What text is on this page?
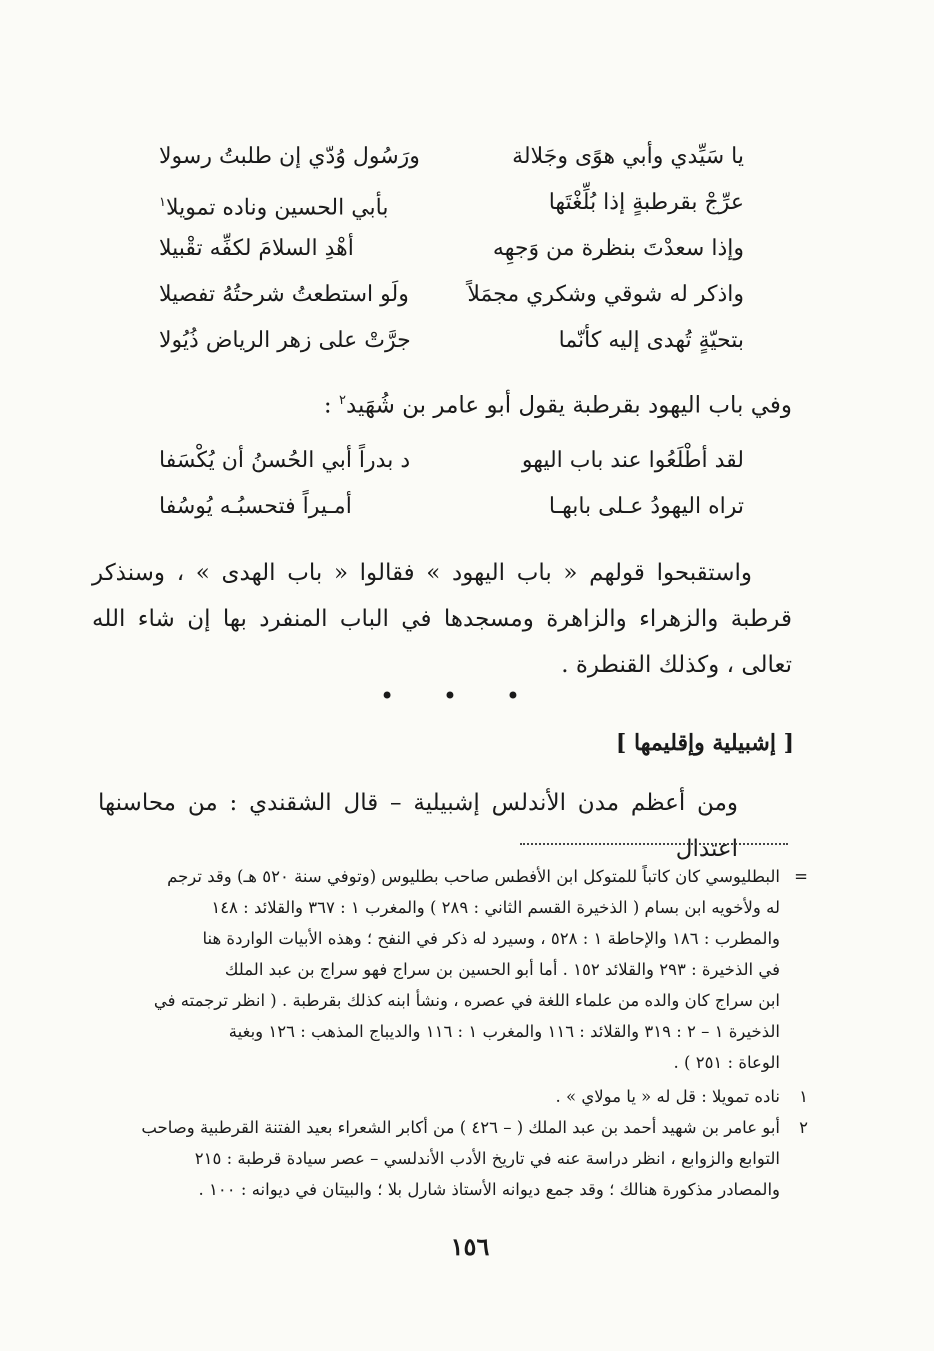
يا سَيِّدي وأبي هوًى وجَلالة
ورَسُول وُدّي إن طلبتُ رسولا
عرِّجْ بقرطبةٍ إذا بُلِّغْتَها
بأبي الحسين وناده تمويلا$^١$
وإذا سعدْتَ بنظرة من وَجهِه
أهْدِ السلامَ لكفِّه تقْبيلا
واذكر له شوقي وشكري مجمَلاً
ولَو استطعتُ شرحتُهُ تفصيلا
بتحيّةٍ تُهدى إليه كأنّما
جرَّتْ على زهر الرياض ذُيُولا
وفي باب اليهود بقرطبة يقول أبو عامر بن شُهَيد$^٢$ :
لقد أطْلَعُوا عند باب اليهو
د بدراً أبي الحُسنُ أن يُكْسَفا
تراه اليهودُ عـلى بابهـا
أمـيراً فتحسبُـه يُوسُفا
واستقبحوا قولهم « باب اليهود » فقالوا « باب الهدى » ، وسنذكر قرطبة والزهراء والزاهرة ومسجدها في الباب المنفرد بها إن شاء الله تعالى ، وكذلك القنطرة .
• • •
[ إشبيلية وإقليمها ]
ومن أعظم مدن الأندلس إشبيلية – قال الشقندي : من محاسنها اعتدال
=
البطليوسي كان كاتباً للمتوكل ابن الأفطس صاحب بطليوس (وتوفي سنة ٥٢٠ هـ) وقد ترجم
له ولأخويه ابن بسام ( الذخيرة القسم الثاني : ٢٨٩ ) والمغرب ١ : ٣٦٧ والقلائد : ١٤٨
والمطرب : ١٨٦ والإحاطة ١ : ٥٢٨ ، وسيرد له ذكر في النفح ؛ وهذه الأبيات الواردة هنا
في الذخيرة : ٢٩٣ والقلائد ١٥٢ . أما أبو الحسين بن سراج فهو سراج بن عبد الملك
ابن سراج كان والده من علماء اللغة في عصره ، ونشأ ابنه كذلك بقرطبة . ( انظر ترجمته في
الذخيرة ١ – ٢ : ٣١٩ والقلائد : ١١٦ والمغرب ١ : ١١٦ والديباج المذهب : ١٢٦ وبغية
الوعاة : ٢٥١ ) .
١
ناده تمويلا : قل له « يا مولاي » .
٢
أبو عامر بن شهيد أحمد بن عبد الملك ( – ٤٢٦ ) من أكابر الشعراء بعيد الفتنة القرطبية وصاحب
التوابع والزوابع ، انظر دراسة عنه في تاريخ الأدب الأندلسي – عصر سيادة قرطبة : ٢١٥
والمصادر مذكورة هنالك ؛ وقد جمع ديوانه الأستاذ شارل بلا ؛ والبيتان في ديوانه : ١٠٠ .
١٥٦
